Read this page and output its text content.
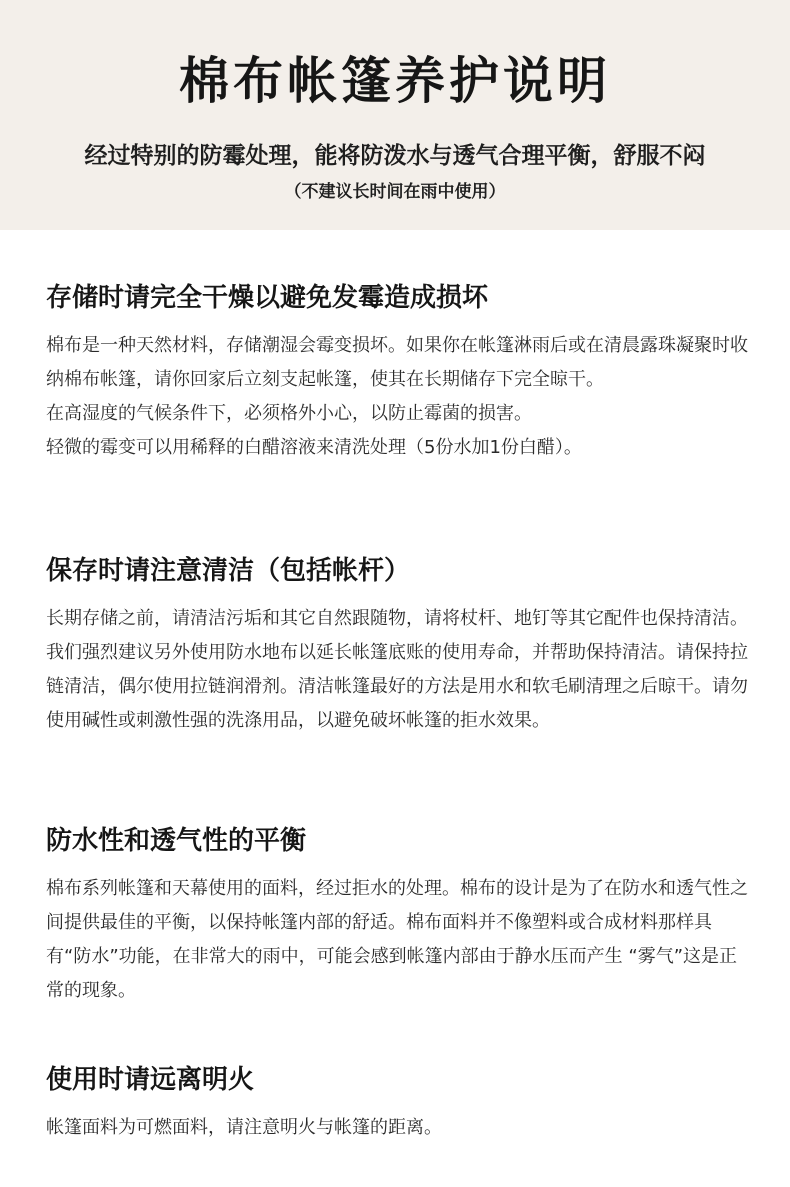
棉布帐篷养护说明
经过特别的防霉处理，能将防泼水与透气合理平衡，舒服不闷
（不建议长时间在雨中使用）
存储时请完全干燥以避免发霉造成损坏

棉布是一种天然材料，存储潮湿会霉变损坏。如果你在帐篷淋雨后或在清晨露珠凝聚时收纳棉布帐篷，请你回家后立刻支起帐篷，使其在长期储存下完全晾干。

在高湿度的气候条件下，必须格外小心，以防止霉菌的损害。

轻微的霉变可以用稀释的白醋溶液来清洗处理（5份水加1份白醋）。

保存时请注意清洁（包括帐杆）

长期存储之前，请清洁污垢和其它自然跟随物，请将杖杆、地钉等其它配件也保持清洁。我们强烈建议另外使用防水地布以延长帐篷底账的使用寿命，并帮助保持清洁。请保持拉链清洁，偶尔使用拉链润滑剂。清洁帐篷最好的方法是用水和软毛刷清理之后晾干。请勿使用碱性或刺激性强的洗涤用品，以避免破坏帐篷的拒水效果。

防水性和透气性的平衡

棉布系列帐篷和天幕使用的面料，经过拒水的处理。棉布的设计是为了在防水和透气性之间提供最佳的平衡，以保持帐篷内部的舒适。棉布面料并不像塑料或合成材料那样具有“防水”功能，在非常大的雨中，可能会感到帐篷内部由于静水压而产生 “雾气”这是正常的现象。

使用时请远离明火

帐篷面料为可燃面料，请注意明火与帐篷的距离。
